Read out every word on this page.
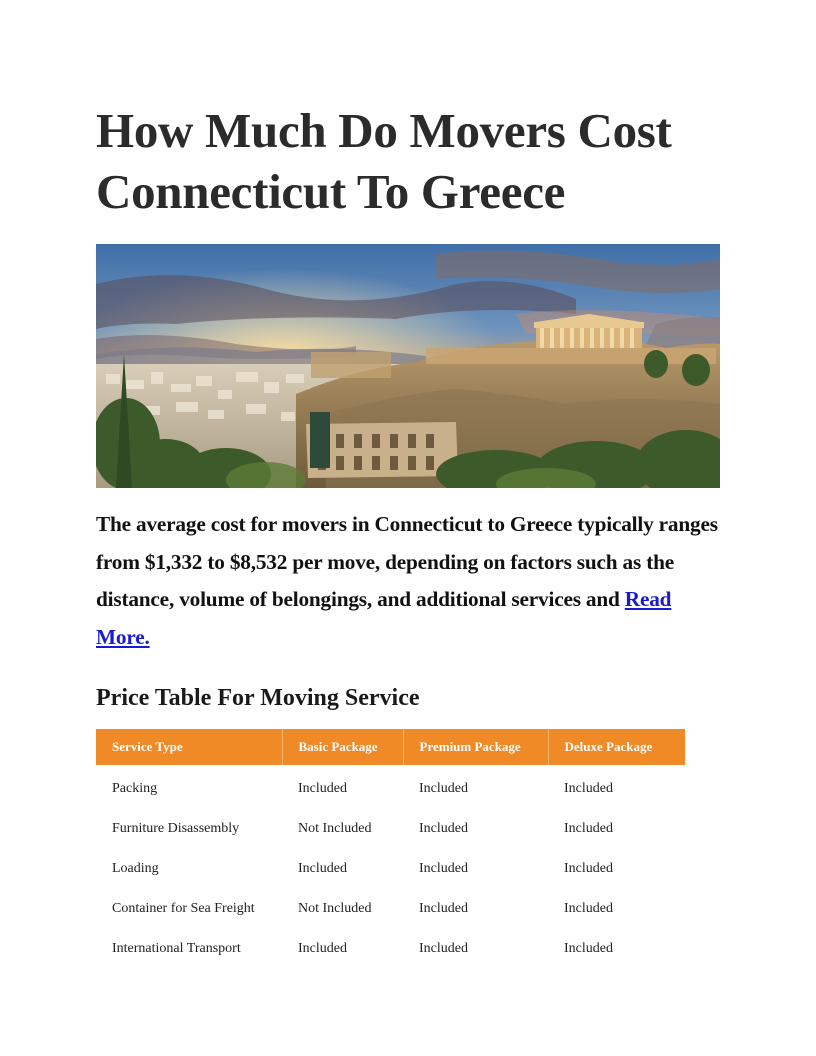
How Much Do Movers Cost
Connecticut To Greece

The average cost for movers in Connecticut to Greece typically ranges from $1,332 to $8,532 per move, depending on factors such as the distance, volume of belongings, and additional services and Read More.

Price Table For Moving Service
Service Type	Basic Package	Premium Package	Deluxe Package
Packing	Included	Included	Included
Furniture Disassembly	Not Included	Included	Included
Loading	Included	Included	Included
Container for Sea Freight	Not Included	Included	Included
International Transport	Included	Included	Included
